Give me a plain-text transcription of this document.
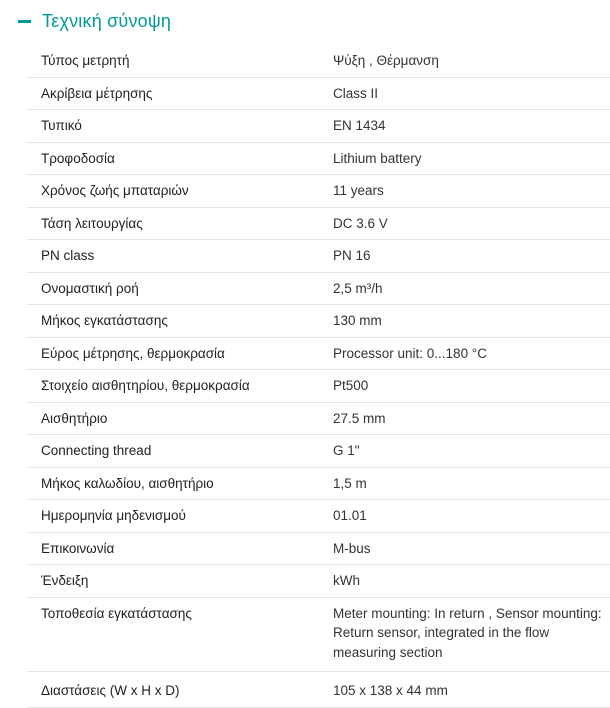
Τεχνική σύνοψη
Τύπος μετρητή	Ψύξη , Θέρμανση
Ακρίβεια μέτρησης	Class II
Τυπικό	EN 1434
Τροφοδοσία	Lithium battery
Χρόνος ζωής μπαταριών	11 years
Τάση λειτουργίας	DC 3.6 V
PN class	PN 16
Ονομαστική ροή	2,5 m³/h
Μήκος εγκατάστασης	130 mm
Εύρος μέτρησης, θερμοκρασία	Processor unit: 0...180 °C
Στοιχείο αισθητηρίου, θερμοκρασία	Pt500
Αισθητήριο	27.5 mm
Connecting thread	G 1"
Μήκος καλωδίου, αισθητήριο	1,5 m
Ημερομηνία μηδενισμού	01.01
Επικοινωνία	M-bus
Ένδειξη	kWh
Τοποθεσία εγκατάστασης	Meter mounting: In return , Sensor mounting: Return sensor, integrated in the flow measuring section
Διαστάσεις (W x H x D)	105 x 138 x 44 mm
